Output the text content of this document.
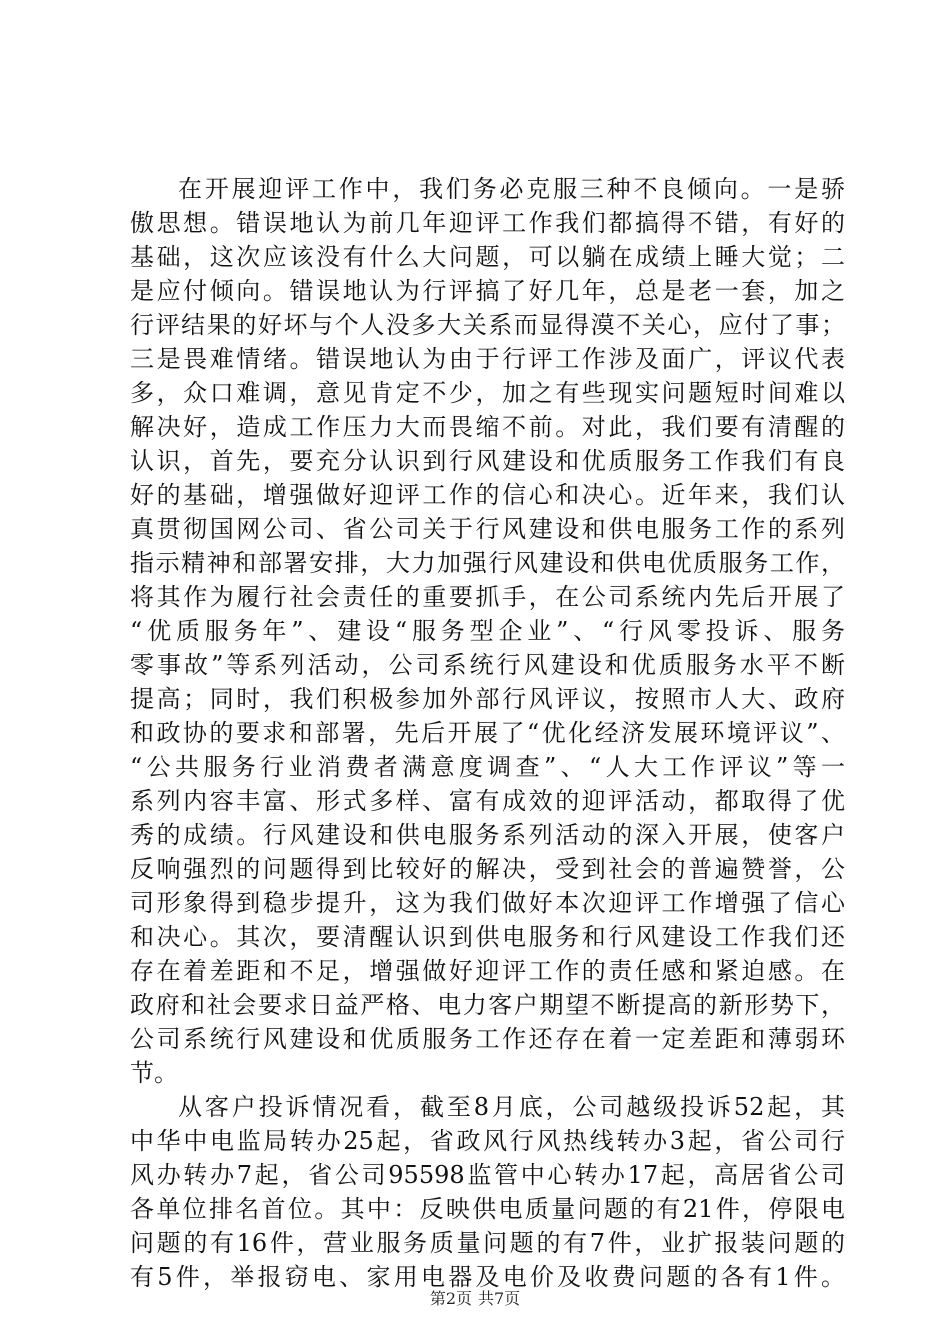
在开展迎评工作中，我们务必克服三种不良倾向。一是骄
傲思想。错误地认为前几年迎评工作我们都搞得不错，有好的
基础，这次应该没有什么大问题，可以躺在成绩上睡大觉；二
是应付倾向。错误地认为行评搞了好几年，总是老一套，加之
行评结果的好坏与个人没多大关系而显得漠不关心，应付了事；
三是畏难情绪。错误地认为由于行评工作涉及面广，评议代表
多，众口难调，意见肯定不少，加之有些现实问题短时间难以
解决好，造成工作压力大而畏缩不前。对此，我们要有清醒的
认识，首先，要充分认识到行风建设和优质服务工作我们有良
好的基础，增强做好迎评工作的信心和决心。近年来，我们认
真贯彻国网公司、省公司关于行风建设和供电服务工作的系列
指示精神和部署安排，大力加强行风建设和供电优质服务工作，
将其作为履行社会责任的重要抓手，在公司系统内先后开展了
“优质服务年”、建设“服务型企业”、“行风零投诉、服务
零事故”等系列活动，公司系统行风建设和优质服务水平不断
提高；同时，我们积极参加外部行风评议，按照市人大、政府
和政协的要求和部署，先后开展了“优化经济发展环境评议”、
“公共服务行业消费者满意度调查”、“人大工作评议”等一
系列内容丰富、形式多样、富有成效的迎评活动，都取得了优
秀的成绩。行风建设和供电服务系列活动的深入开展，使客户
反响强烈的问题得到比较好的解决，受到社会的普遍赞誉，公
司形象得到稳步提升，这为我们做好本次迎评工作增强了信心
和决心。其次，要清醒认识到供电服务和行风建设工作我们还
存在着差距和不足，增强做好迎评工作的责任感和紧迫感。在
政府和社会要求日益严格、电力客户期望不断提高的新形势下，
公司系统行风建设和优质服务工作还存在着一定差距和薄弱环
节。
从客户投诉情况看，截至8月底，公司越级投诉52起，其
中华中电监局转办25起，省政风行风热线转办3起，省公司行
风办转办7起，省公司95598监管中心转办17起，高居省公司
各单位排名首位。其中：反映供电质量问题的有21件，停限电
问题的有16件，营业服务质量问题的有7件，业扩报装问题的
有5件，举报窃电、家用电器及电价及收费问题的各有1件。
第2页 共7页
